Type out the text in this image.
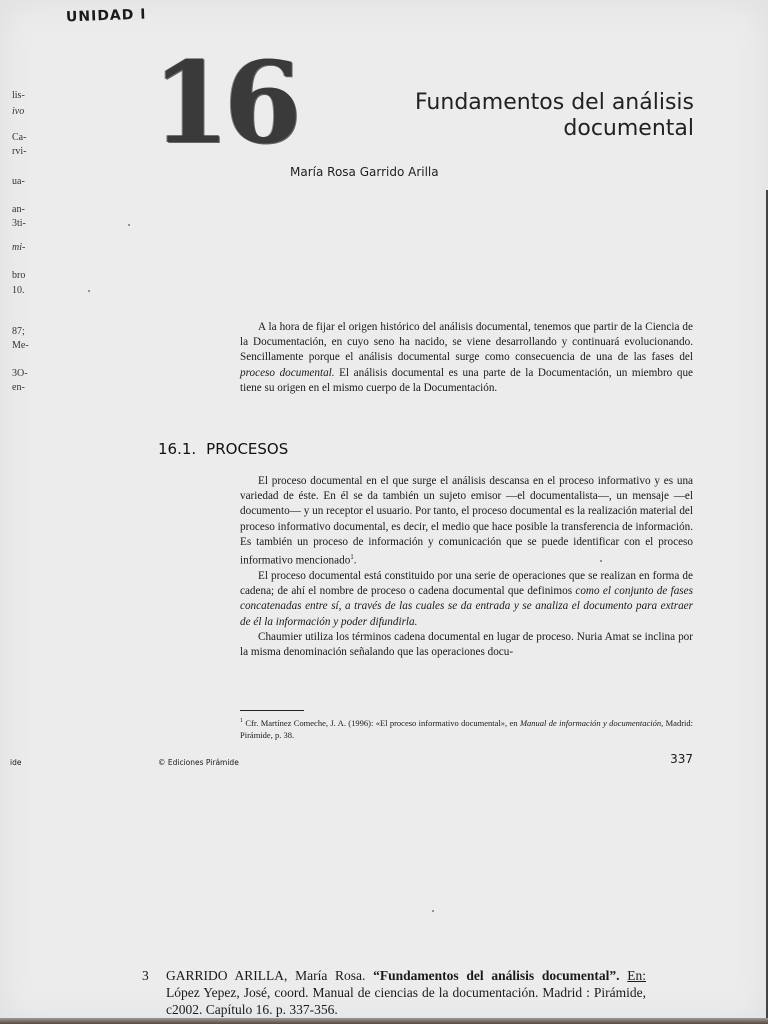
UNIDAD I
lis-
ivo
Ca-
rvi-
ua-
an-
3ti-
mi-
bro
10.
87;
Me-
3O-
en-
16	Fundamentos del análisis
documental
María Rosa Garrido Arilla

A la hora de fijar el origen histórico del análisis documental, tenemos que partir de la Ciencia de la Documentación, en cuyo seno ha nacido, se viene desarrollando y continuará evolucionando. Sencillamente porque el análisis documental surge como consecuencia de una de las fases del proceso documental. El análisis documental es una parte de la Documentación, un miembro que tiene su origen en el mismo cuerpo de la Documentación.

16.1. PROCESOS

El proceso documental en el que surge el análisis descansa en el proceso informativo y es una variedad de éste. En él se da también un sujeto emisor —el documentalista—, un mensaje —el documento— y un receptor el usuario. Por tanto, el proceso documental es la realización material del proceso informativo documental, es decir, el medio que hace posible la transferencia de información. Es también un proceso de información y comunicación que se puede identificar con el proceso informativo mencionado$^1$.

El proceso documental está constituido por una serie de operaciones que se realizan en forma de cadena; de ahí el nombre de proceso o cadena documental que definimos como el conjunto de fases concatenadas entre sí, a través de las cuales se da entrada y se analiza el documento para extraer de él la información y poder difundirla.

Chaumier utiliza los términos cadena documental en lugar de proceso. Nuria Amat se inclina por la misma denominación señalando que las operaciones docu-

$^1$ Cfr. Martínez Comeche, J. A. (1996): «El proceso informativo documental», en Manual de información y documentación, Madrid: Pirámide, p. 38.
ide	© Ediciones Pirámide	337
3 GARRIDO ARILLA, María Rosa. “Fundamentos del análisis documental”. En: López Yepez, José, coord. Manual de ciencias de la documentación. Madrid : Pirámide, c2002. Capítulo 16. p. 337-356.
